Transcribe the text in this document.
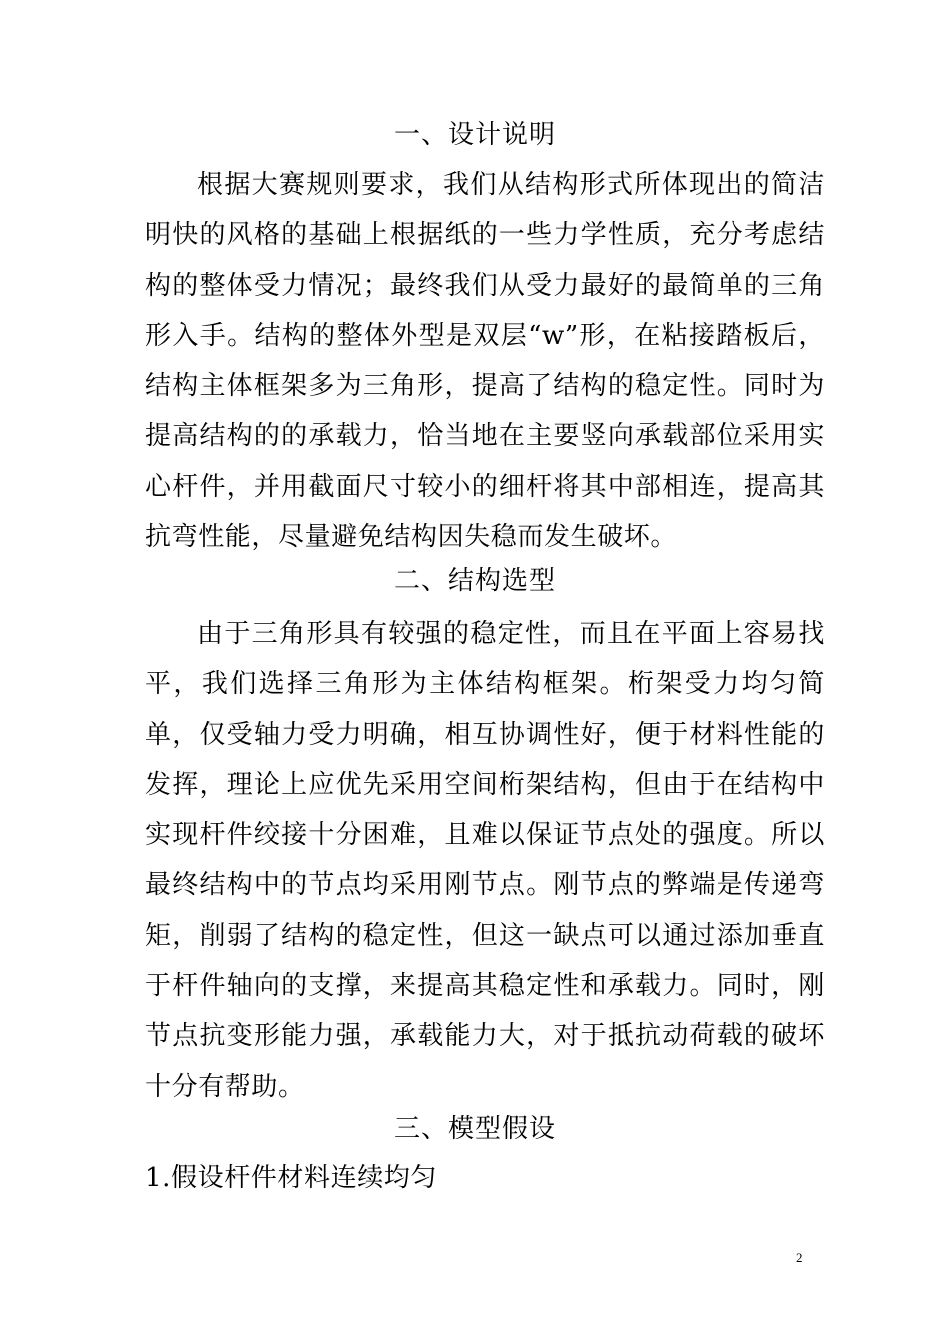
一、设计说明
根据大赛规则要求，我们从结构形式所体现出的简洁明快的风格的基础上根据纸的一些力学性质，充分考虑结构的整体受力情况；最终我们从受力最好的最简单的三角形入手。结构的整体外型是双层“w”形，在粘接踏板后，结构主体框架多为三角形，提高了结构的稳定性。同时为提高结构的的承载力，恰当地在主要竖向承载部位采用实心杆件，并用截面尺寸较小的细杆将其中部相连，提高其抗弯性能，尽量避免结构因失稳而发生破坏。
二、结构选型
由于三角形具有较强的稳定性，而且在平面上容易找平，我们选择三角形为主体结构框架。桁架受力均匀简单，仅受轴力受力明确，相互协调性好，便于材料性能的发挥，理论上应优先采用空间桁架结构，但由于在结构中实现杆件绞接十分困难，且难以保证节点处的强度。所以最终结构中的节点均采用刚节点。刚节点的弊端是传递弯矩，削弱了结构的稳定性，但这一缺点可以通过添加垂直于杆件轴向的支撑，来提高其稳定性和承载力。同时，刚节点抗变形能力强，承载能力大，对于抵抗动荷载的破坏十分有帮助。
三、模型假设
1.假设杆件材料连续均匀
2
